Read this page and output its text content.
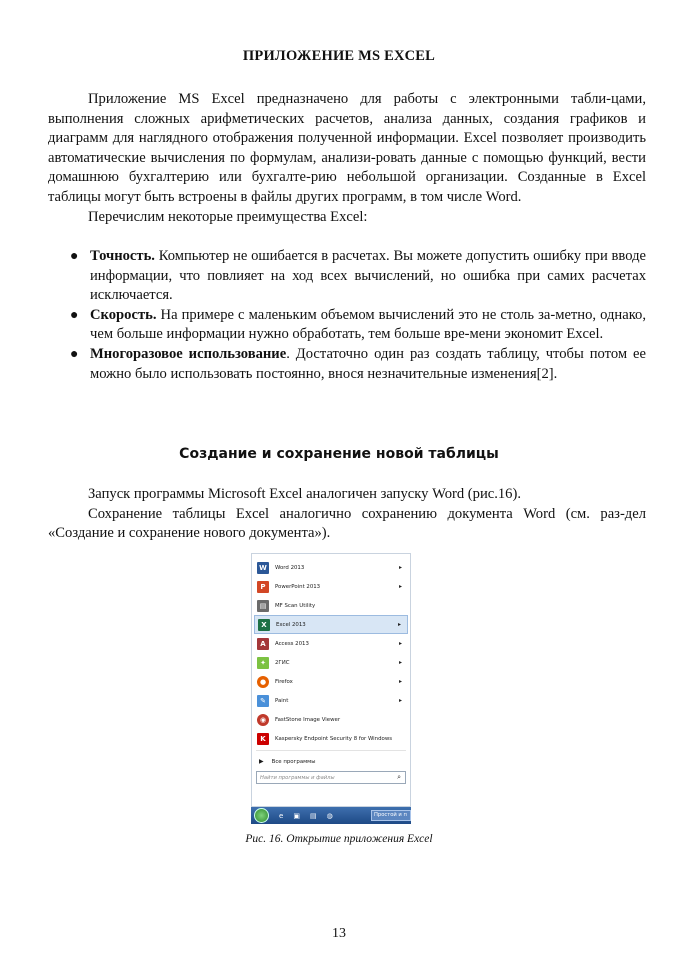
ПРИЛОЖЕНИЕ MS EXCEL

Приложение MS Excel предназначено для работы с электронными табли-цами, выполнения сложных арифметических расчетов, анализа данных, создания графиков и диаграмм для наглядного отображения полученной информации. Excel позволяет производить автоматические вычисления по формулам, анализи-ровать данные с помощью функций, вести домашнюю бухгалтерию или бухгалте-рию небольшой организации. Созданные в Excel таблицы могут быть встроены в файлы других программ, в том числе Word.

Перечислим некоторые преимущества Excel:

● Точность. Компьютер не ошибается в расчетах. Вы можете допустить ошибку при вводе информации, что повлияет на ход всех вычислений, но ошибка при самих расчетах исключается.
● Скорость. На примере с маленьким объемом вычислений это не столь за-метно, однако, чем больше информации нужно обработать, тем больше вре-мени экономит Excel.
● Многоразовое использование. Достаточно один раз создать таблицу, чтобы потом ее можно было использовать постоянно, внося незначительные изменения[2].
Создание и сохранение новой таблицы

Запуск программы Microsoft Excel аналогичен запуску Word (рис.16).

Сохранение таблицы Excel аналогично сохранению документа Word (см. раз-дел «Создание и сохранение нового документа»).

W	Word 2013	▸
P	PowerPoint 2013	▸
▤	MF Scan Utility
X	Excel 2013	▸
A	Access 2013	▸
✦	2ГИС	▸
●	Firefox	▸
✎	Paint	▸
◉	FastStone Image Viewer
K	Kaspersky Endpoint Security 8 for Windows
▶ Все программы
Найти программы и файлы	⌕
e ▣ ▤ ◍	Простой и п
Рис. 16. Открытие приложения Excel
13
